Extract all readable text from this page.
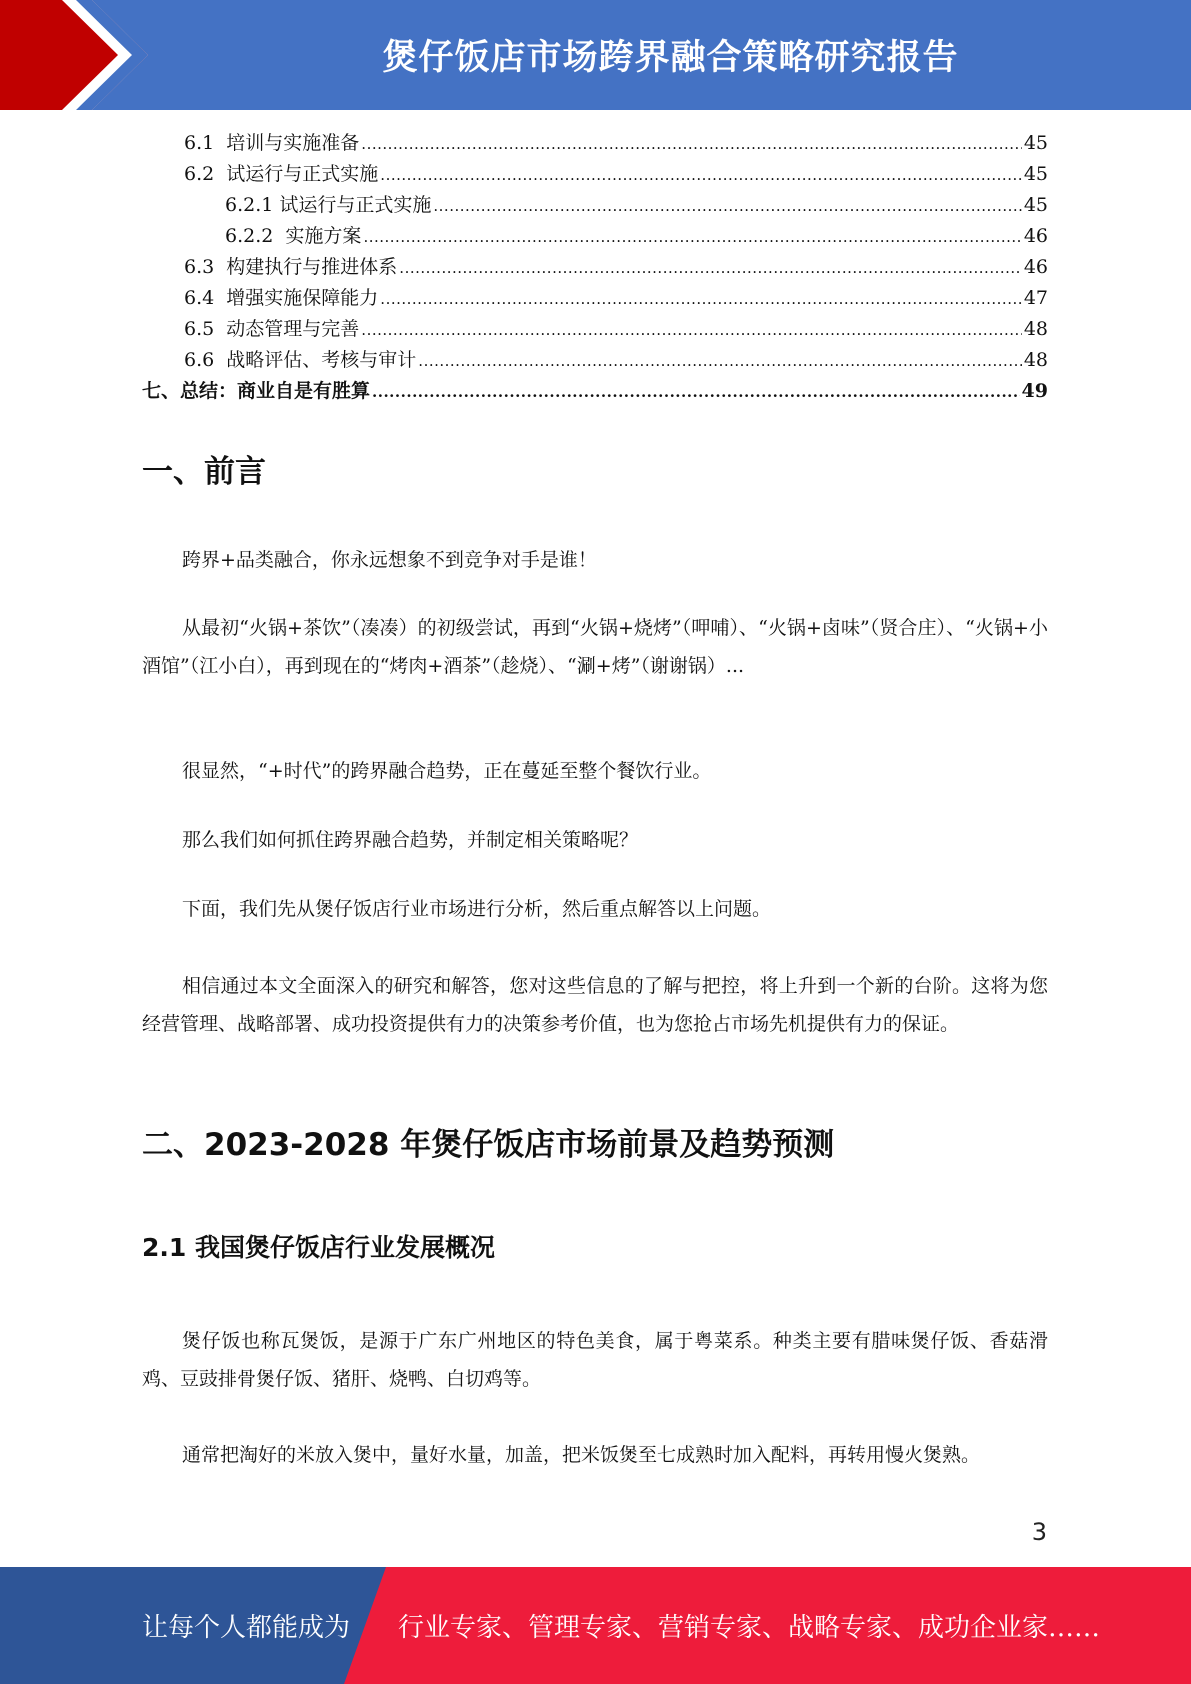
煲仔饭店市场跨界融合策略研究报告
6.1  培训与实施准备 .....	45
6.2  试运行与正式实施 .....	45
6.2.1 试运行与正式实施 .....	45
6.2.2  实施方案 .....	46
6.3  构建执行与推进体系 .....	46
6.4  增强实施保障能力 .....	47
6.5  动态管理与完善 .....	48
6.6  战略评估、考核与审计 .....	48
七、总结：商业自是有胜算 .....	49
一、前言

跨界+品类融合，你永远想象不到竞争对手是谁！

从最初“火锅+茶饮”（凑凑）的初级尝试，再到“火锅+烧烤”（呷哺）、“火锅+卤味”（贤合庄）、“火锅+小酒馆”（江小白），再到现在的“烤肉+酒茶”（趁烧）、“涮+烤”（谢谢锅）...

很显然，“+时代”的跨界融合趋势，正在蔓延至整个餐饮行业。

那么我们如何抓住跨界融合趋势，并制定相关策略呢？

下面，我们先从煲仔饭店行业市场进行分析，然后重点解答以上问题。

相信通过本文全面深入的研究和解答，您对这些信息的了解与把控，将上升到一个新的台阶。这将为您经营管理、战略部署、成功投资提供有力的决策参考价值，也为您抢占市场先机提供有力的保证。

二、2023-2028 年煲仔饭店市场前景及趋势预测
2.1 我国煲仔饭店行业发展概况

煲仔饭也称瓦煲饭，是源于广东广州地区的特色美食，属于粤菜系。种类主要有腊味煲仔饭、香菇滑鸡、豆豉排骨煲仔饭、猪肝、烧鸭、白切鸡等。

通常把淘好的米放入煲中，量好水量，加盖，把米饭煲至七成熟时加入配料，再转用慢火煲熟。

3
让每个人都能成为 行业专家、管理专家、营销专家、战略专家、成功企业家……
